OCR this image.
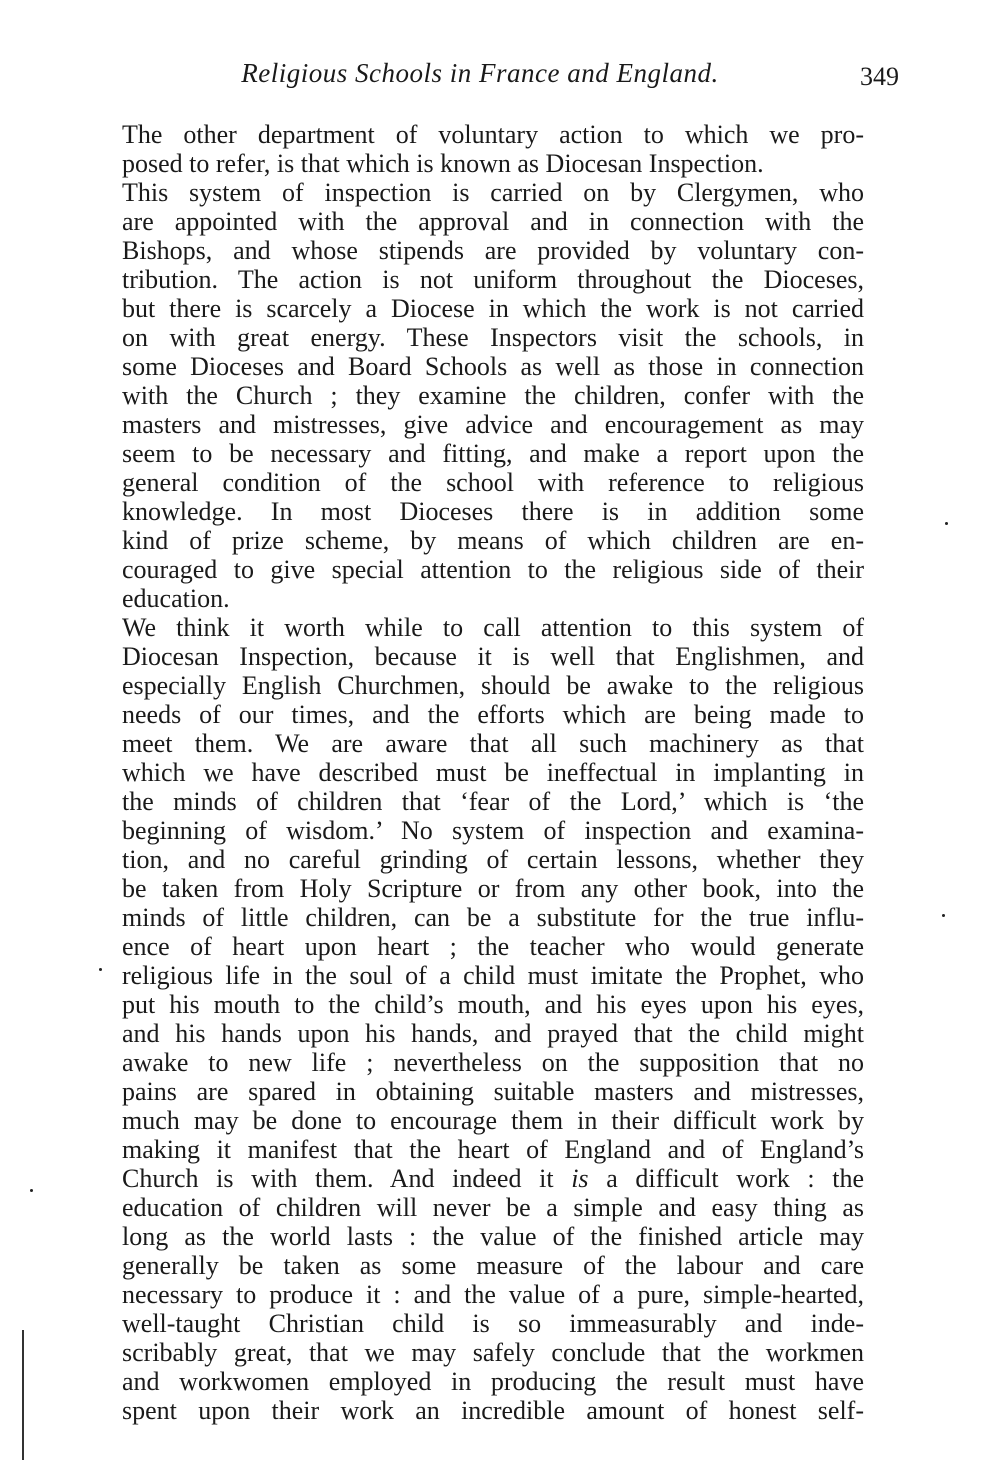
Religious Schools in France and England.	349
The other department of voluntary action to which we pro-
posed to refer, is that which is known as Diocesan Inspection.
This system of inspection is carried on by Clergymen, who
are appointed with the approval and in connection with the
Bishops, and whose stipends are provided by voluntary con-
tribution. The action is not uniform throughout the Dioceses,
but there is scarcely a Diocese in which the work is not carried
on with great energy. These Inspectors visit the schools, in
some Dioceses and Board Schools as well as those in connection
with the Church ; they examine the children, confer with the
masters and mistresses, give advice and encouragement as may
seem to be necessary and fitting, and make a report upon the
general condition of the school with reference to religious
knowledge. In most Dioceses there is in addition some
kind of prize scheme, by means of which children are en-
couraged to give special attention to the religious side of their
education.
We think it worth while to call attention to this system of
Diocesan Inspection, because it is well that Englishmen, and
especially English Churchmen, should be awake to the religious
needs of our times, and the efforts which are being made to
meet them. We are aware that all such machinery as that
which we have described must be ineffectual in implanting in
the minds of children that ‘fear of the Lord,’ which is ‘the
beginning of wisdom.’ No system of inspection and examina-
tion, and no careful grinding of certain lessons, whether they
be taken from Holy Scripture or from any other book, into the
minds of little children, can be a substitute for the true influ-
ence of heart upon heart ; the teacher who would generate
religious life in the soul of a child must imitate the Prophet, who
put his mouth to the child’s mouth, and his eyes upon his eyes,
and his hands upon his hands, and prayed that the child might
awake to new life ; nevertheless on the supposition that no
pains are spared in obtaining suitable masters and mistresses,
much may be done to encourage them in their difficult work by
making it manifest that the heart of England and of England’s
Church is with them. And indeed it is a difficult work : the
education of children will never be a simple and easy thing as
long as the world lasts : the value of the finished article may
generally be taken as some measure of the labour and care
necessary to produce it : and the value of a pure, simple-hearted,
well-taught Christian child is so immeasurably and inde-
scribably great, that we may safely conclude that the workmen
and workwomen employed in producing the result must have
spent upon their work an incredible amount of honest self-
